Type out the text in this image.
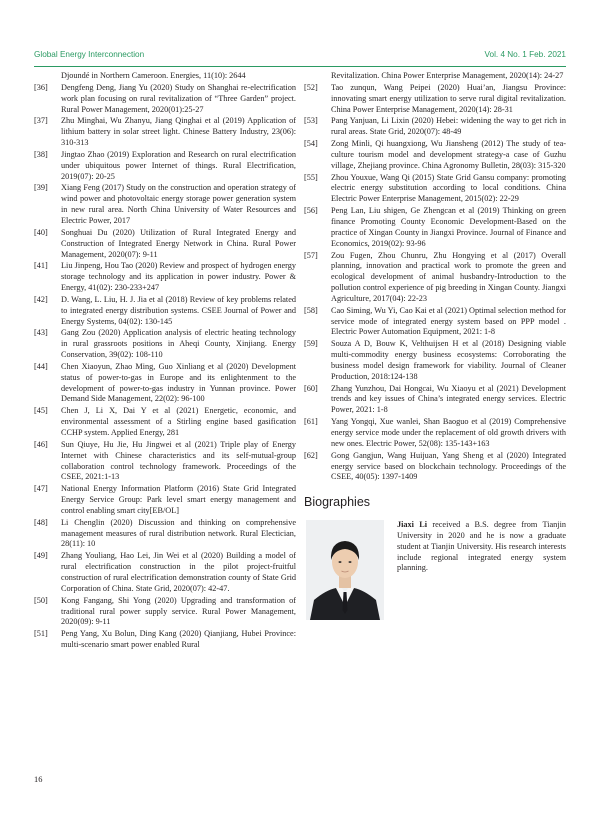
Global Energy Interconnection	Vol. 4 No. 1 Feb. 2021
Djoundé in Northern Cameroon. Energies, 11(10): 2644
[36] Dengfeng Deng, Jiang Yu (2020) Study on Shanghai re-electrification work plan focusing on rural revitalization of “Three Garden” project. Rural Power Management, 2020(01):25-27
[37] Zhu Minghai, Wu Zhanyu, Jiang Qinghai et al (2019) Application of lithium battery in solar street light. Chinese Battery Industry, 23(06): 310-313
[38] Jingtao Zhao (2019) Exploration and Research on rural electrification under ubiquitous power Internet of things. Rural Electrification, 2019(07): 20-25
[39] Xiang Feng (2017) Study on the construction and operation strategy of wind power and photovoltaic energy storage power generation system in new rural area. North China University of Water Resources and Electric Power, 2017
[40] Songhuai Du (2020) Utilization of Rural Integrated Energy and Construction of Integrated Energy Network in China. Rural Power Management, 2020(07): 9-11
[41] Liu Jinpeng, Hou Tao (2020) Review and prospect of hydrogen energy storage technology and its application in power industry. Power & Energy, 41(02): 230-233+247
[42] D. Wang, L. Liu, H. J. Jia et al (2018) Review of key problems related to integrated energy distribution systems. CSEE Journal of Power and Energy Systems, 04(02): 130-145
[43] Gang Zou (2020) Application analysis of electric heating technology in rural grassroots positions in Aheqi County, Xinjiang. Energy Conservation, 39(02): 108-110
[44] Chen Xiaoyun, Zhao Ming, Guo Xinliang et al (2020) Development status of power-to-gas in Europe and its enlightenment to the development of power-to-gas industry in Yunnan province. Power Demand Side Management, 22(02): 96-100
[45] Chen J, Li X, Dai Y et al (2021) Energetic, economic, and environmental assessment of a Stirling engine based gasification CCHP system. Applied Energy, 281
[46] Sun Qiuye, Hu Jie, Hu Jingwei et al (2021) Triple play of Energy Internet with Chinese characteristics and its self-mutual-group collaboration control technology framework. Proceedings of the CSEE, 2021:1-13
[47] National Energy Information Platform (2016) State Grid Integrated Energy Service Group: Park level smart energy management and control enabling smart city[EB/OL]
[48] Li Chenglin (2020) Discussion and thinking on comprehensive management measures of rural distribution network. Rural Electician, 28(11): 10
[49] Zhang Youliang, Hao Lei, Jin Wei et al (2020) Building a model of rural electrification construction in the pilot project-fruitful construction of rural electrification demonstration county of State Grid Corporation of China. State Grid, 2020(07): 42-47.
[50] Kong Fangang, Shi Yong (2020) Upgrading and transformation of traditional rural power supply service. Rural Power Management, 2020(09): 9-11
[51] Peng Yang, Xu Bolun, Ding Kang (2020) Qianjiang, Hubei Province: multi-scenario smart power enabled Rural
Revitalization. China Power Enterprise Management, 2020(14): 24-27
[52] Tao zunqun, Wang Peipei (2020) Huai’an, Jiangsu Province: innovating smart energy utilization to serve rural digital revitalization. China Power Enterprise Management, 2020(14): 28-31
[53] Pang Yanjuan, Li Lixin (2020) Hebei: widening the way to get rich in rural areas. State Grid, 2020(07): 48-49
[54] Zong Minli, Qi huangxiong, Wu Jiansheng (2012) The study of tea-culture tourism model and development strategy-a case of Guzhu village, Zhejiang province. China Agronomy Bulletin, 28(03): 315-320
[55] Zhou Youxue, Wang Qi (2015) State Grid Gansu company: promoting electric energy substitution according to local conditions. China Electric Power Enterprise Management, 2015(02): 22-29
[56] Peng Lan, Liu shigen, Ge Zhengcan et al (2019) Thinking on green finance Promoting County Economic Development-Based on the practice of Xingan County in Jiangxi Province. Journal of Finance and Economics, 2019(02): 93-96
[57] Zou Fugen, Zhou Chunru, Zhu Hongying et al (2017) Overall planning, innovation and practical work to promote the green and ecological development of animal husbandry-Introduction to the pollution control experience of pig breeding in Xingan County. Jiangxi Agriculture, 2017(04): 22-23
[58] Cao Siming, Wu Yi, Cao Kai et al (2021) Optimal selection method for service mode of integrated energy system based on PPP model . Electric Power Automation Equipment, 2021: 1-8
[59] Souza A D, Bouw K, Velthuijsen H et al (2018) Designing viable multi-commodity energy business ecosystems: Corroborating the business model design framework for viability. Journal of Cleaner Production, 2018:124-138
[60] Zhang Yunzhou, Dai Hongcai, Wu Xiaoyu et al (2021) Development trends and key issues of China’s integrated energy services. Electric Power, 2021: 1-8
[61] Yang Yongqi, Xue wanlei, Shan Baoguo et al (2019) Comprehensive energy service mode under the replacement of old growth drivers with new ones. Electric Power, 52(08): 135-143+163
[62] Gong Gangjun, Wang Huijuan, Yang Sheng et al (2020) Integrated energy service based on blockchain technology. Proceedings of the CSEE, 40(05): 1397-1409
Biographies
Jiaxi Li received a B.S. degree from Tianjin University in 2020 and he is now a graduate student at Tianjin University. His research interests include regional integrated energy system planning.
16
